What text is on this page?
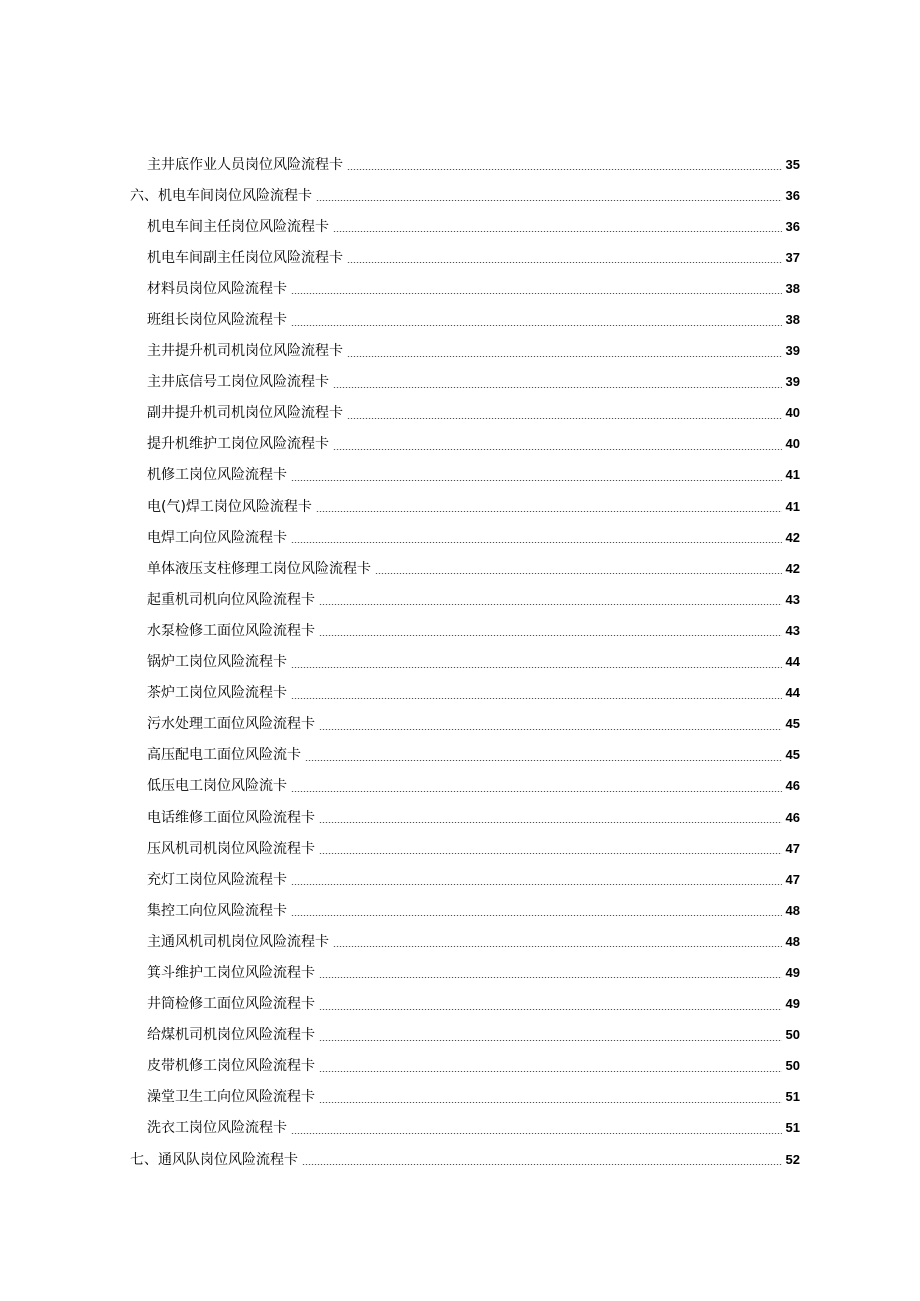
主井底作业人员岗位风险流程卡	35
六、机电车间岗位风险流程卡	36
机电车间主任岗位风险流程卡	36
机电车间副主任岗位风险流程卡	37
材料员岗位风险流程卡	38
班组长岗位风险流程卡	38
主井提升机司机岗位风险流程卡	39
主井底信号工岗位风险流程卡	39
副井提升机司机岗位风险流程卡	40
提升机维护工岗位风险流程卡	40
机修工岗位风险流程卡	41
电(气)焊工岗位风险流程卡	41
电焊工向位风险流程卡	42
单体液压支柱修理工岗位风险流程卡	42
起重机司机向位风险流程卡	43
水泵检修工面位风险流程卡	43
锅炉工岗位风险流程卡	44
茶炉工岗位风险流程卡	44
污水处理工面位风险流程卡	45
高压配电工面位风险流卡	45
低压电工岗位风险流卡	46
电话维修工面位风险流程卡	46
压风机司机岗位风险流程卡	47
充灯工岗位风险流程卡	47
集控工向位风险流程卡	48
主通风机司机岗位风险流程卡	48
箕斗维护工岗位风险流程卡	49
井筒检修工面位风险流程卡	49
给煤机司机岗位风险流程卡	50
皮带机修工岗位风险流程卡	50
澡堂卫生工向位风险流程卡	51
洗衣工岗位风险流程卡	51
七、通风队岗位风险流程卡	52
